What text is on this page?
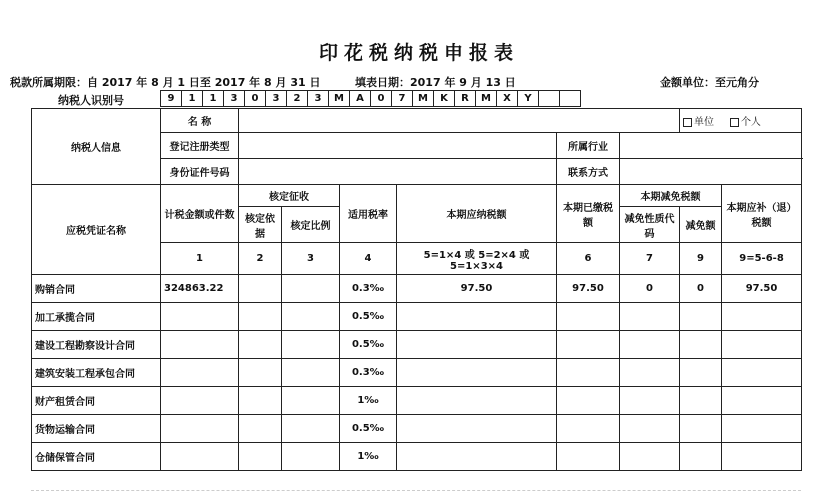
印花税纳税申报表
税款所属期限：自 2017 年 8 月 1 日至 2017 年 8 月 31 日	填表日期：2017 年 9 月 13 日	金额单位：至元角分
纳税人识别号	9	1	1	3	0	3	2	3	M	A	0	7	M	K	R	M	X	Y		
纳税人信息	名 称							单位 个人	
	登记注册类型					所属行业			
	身份证件号码					联系方式			
应税凭证名称	计税金额或件数	核定征收		适用税率	本期应纳税额	本期已缴税额	本期减免税额		本期应补（退）税额
		核定依据	核定比例				减免性质代码	减免额	
	1	2	3	4	5=1×4 或 5=2×4 或 5=1×3×4	6	7	9	9=5-6-8
购销合同	324863.22			0.3‰	97.50	97.50	0	0	97.50
加工承揽合同				0.5‰					
建设工程勘察设计合同				0.5‰					
建筑安装工程承包合同				0.3‰					
财产租赁合同				1‰					
货物运输合同				0.5‰					
仓储保管合同				1‰					
